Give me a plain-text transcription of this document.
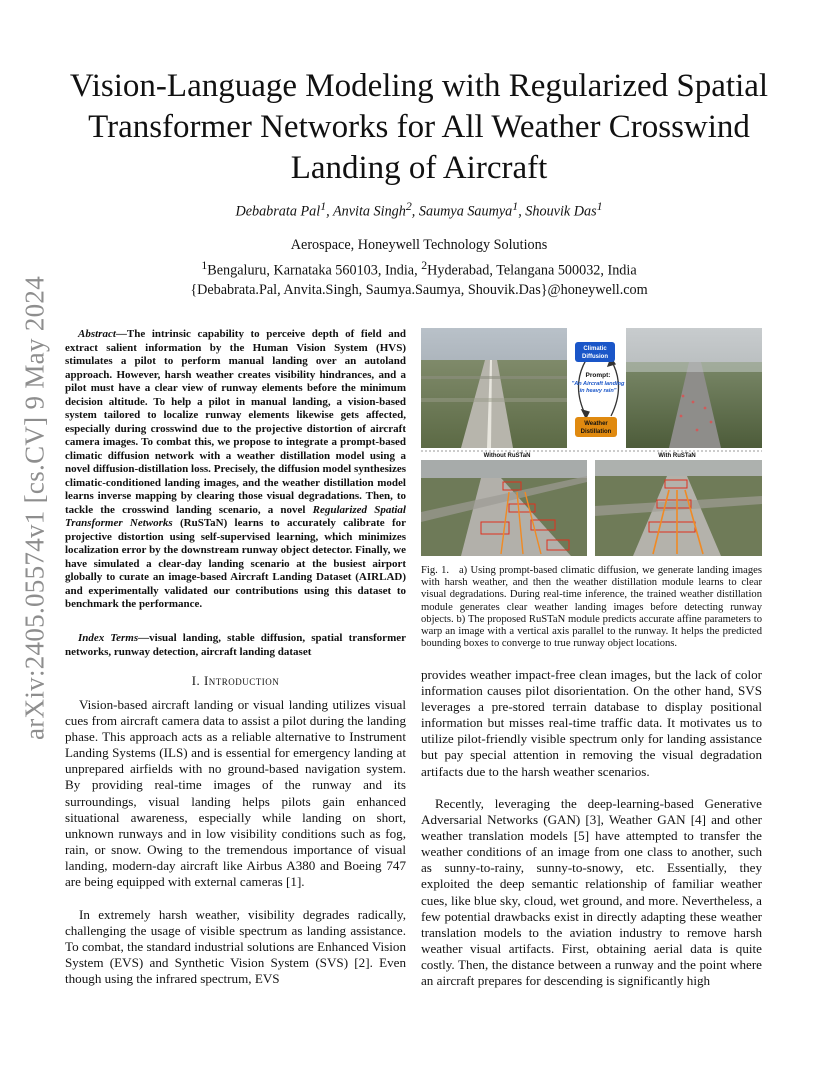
arXiv:2405.05574v1 [cs.CV] 9 May 2024
Vision-Language Modeling with Regularized Spatial Transformer Networks for All Weather Crosswind Landing of Aircraft
Debabrata Pal$^1$, Anvita Singh$^2$, Saumya Saumya$^1$, Shouvik Das$^1$
Aerospace, Honeywell Technology Solutions
$^1$Bengaluru, Karnataka 560103, India, $^2$Hyderabad, Telangana 500032, India
{Debabrata.Pal, Anvita.Singh, Saumya.Saumya, Shouvik.Das}@honeywell.com
Abstract—The intrinsic capability to perceive depth of field and extract salient information by the Human Vision System (HVS) stimulates a pilot to perform manual landing over an autoland approach. However, harsh weather creates visibility hindrances, and a pilot must have a clear view of runway elements before the minimum decision altitude. To help a pilot in manual landing, a vision-based system tailored to localize runway elements likewise gets affected, especially during crosswind due to the projective distortion of aircraft camera images. To combat this, we propose to integrate a prompt-based climatic diffusion network with a weather distillation model using a novel diffusion-distillation loss. Precisely, the diffusion model synthesizes climatic-conditioned landing images, and the weather distillation model learns inverse mapping by clearing those visual degradations. Then, to tackle the crosswind landing scenario, a novel Regularized Spatial Transformer Networks (RuSTaN) learns to accurately calibrate for projective distortion using self-supervised learning, which minimizes localization error by the downstream runway object detector. Finally, we have simulated a clear-day landing scenario at the busiest airport globally to curate an image-based Aircraft Landing Dataset (AIRLAD) and experimentally validated our contributions using this dataset to benchmark the performance.
Index Terms—visual landing, stable diffusion, spatial transformer networks, runway detection, aircraft landing dataset
I. Introduction
Vision-based aircraft landing or visual landing utilizes visual cues from aircraft camera data to assist a pilot during the landing phase. This approach acts as a reliable alternative to Instrument Landing Systems (ILS) and is essential for emergency landing at unprepared airfields with no ground-based navigation system. By providing real-time images of the runway and its surroundings, visual landing helps pilots gain enhanced situational awareness, especially while landing on short, unknown runways and in low visibility conditions such as fog, rain, or snow. Owing to the tremendous importance of visual landing, modern-day aircraft like Airbus A380 and Boeing 747 are being equipped with external cameras [1].
In extremely harsh weather, visibility degrades radically, challenging the usage of visible spectrum as landing assistance. To combat, the standard industrial solutions are Enhanced Vision System (EVS) and Synthetic Vision System (SVS) [2]. Even though using the infrared spectrum, EVS
Climatic
Diffusion
Prompt:
"An Aircraft landing
in heavy rain"
Weather
Distillation
Without RuSTaN	With RuSTaN
Fig. 1. a) Using prompt-based climatic diffusion, we generate landing images with harsh weather, and then the weather distillation module learns to clear visual degradations. During real-time inference, the trained weather distillation module generates clear weather landing images before detecting runway objects. b) The proposed RuSTaN module predicts accurate affine parameters to warp an image with a vertical axis parallel to the runway. It helps the predicted bounding boxes to converge to true runway object locations.
provides weather impact-free clean images, but the lack of color information causes pilot disorientation. On the other hand, SVS leverages a pre-stored terrain database to display positional information but misses real-time traffic data. It motivates us to utilize pilot-friendly visible spectrum only for landing assistance but pay special attention in removing the visual degradation artifacts due to the harsh weather scenarios.
Recently, leveraging the deep-learning-based Generative Adversarial Networks (GAN) [3], Weather GAN [4] and other weather translation models [5] have attempted to transfer the weather conditions of an image from one class to another, such as sunny-to-rainy, sunny-to-snowy, etc. Essentially, they exploited the deep semantic relationship of familiar weather cues, like blue sky, cloud, wet ground, and more. Nevertheless, a few potential drawbacks exist in directly adapting these weather translation models to the aviation industry to remove harsh weather visual artifacts. First, obtaining aerial data is quite costly. Then, the distance between a runway and the point where an aircraft prepares for descending is significantly high
